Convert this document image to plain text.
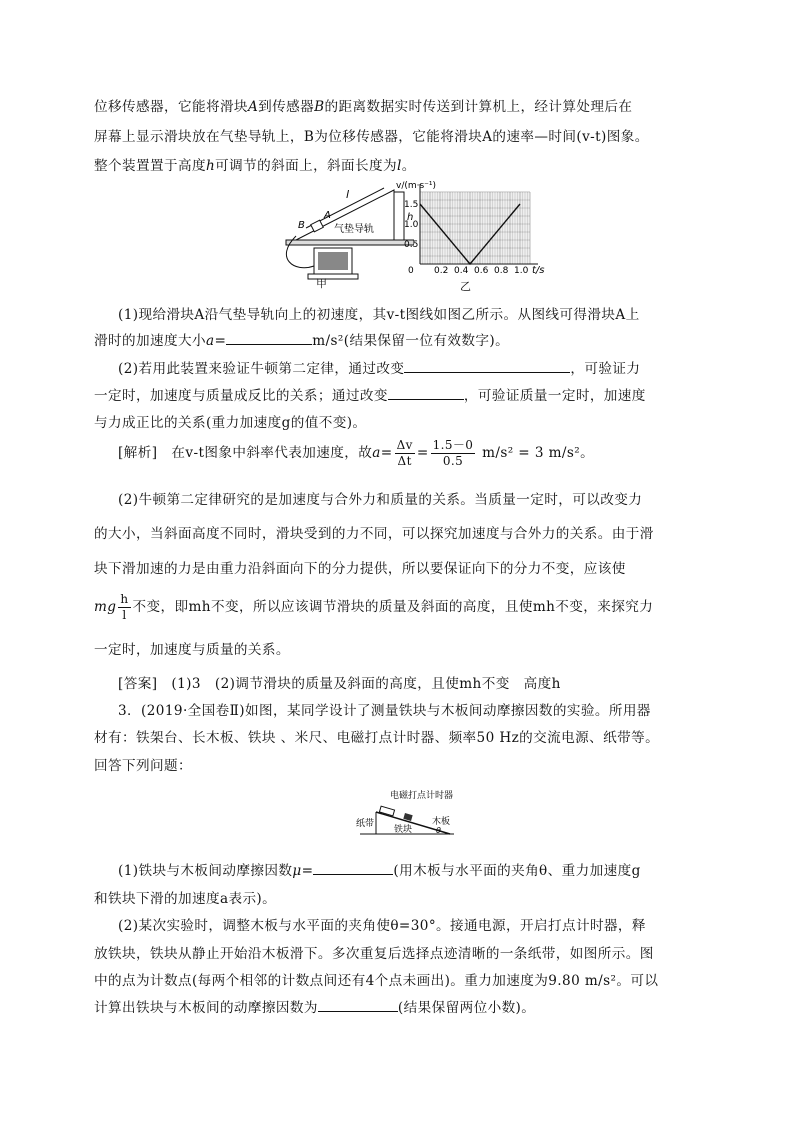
位移传感器，它能将滑块A到传感器B的距离数据实时传送到计算机上，经计算处理后在
屏幕上显示滑块放在气垫导轨上，B为位移传感器，它能将滑块A的速率—时间(v-t)图象。
整个装置置于高度h可调节的斜面上，斜面长度为l。
l
A
B	气垫导轨
h
甲
v/(m·s⁻¹)
0 0.2 0.4 0.6 0.8 1.0
0.5
1.0
1.5
t/s
乙
(1)现给滑块A沿气垫导轨向上的初速度，其v-t图线如图乙所示。从图线可得滑块A上
滑时的加速度大小a=	m/s²(结果保留一位有效数字)。
(2)若用此装置来验证牛顿第二定律，通过改变	，可验证力
一定时，加速度与质量成反比的关系；通过改变	，可验证质量一定时，加速度
与力成正比的关系(重力加速度g的值不变)。
[解析]　 在v-t图象中斜率代表加速度，故$a= \frac{\Delta v}{\Delta t} = \frac{1.5-0}{0.5} m/s^2 = 3$ m/s²。
(2)牛顿第二定律研究的是加速度与合外力和质量的关系。当质量一定时，可以改变力
的大小，当斜面高度不同时，滑块受到的力不同，可以探究加速度与合外力的关系。由于滑
块下滑加速的力是由重力沿斜面向下的分力提供，所以要保证向下的分力不变，应该使
mg $\frac{h}{l}$ 不变，即mh不变，所以应该调节滑块的质量及斜面的高度，且使mh不变，来探究力
一定时，加速度与质量的关系。
[答案]　 (1)3　(2)调节滑块的质量及斜面的高度，且使mh不变　高度h
3．(2019·全国卷Ⅱ)如图，某同学设计了测量铁块与木板间动摩擦因数的实验。所用器
材有：铁架台、长木板、铁块 、米尺、电磁打点计时器、频率50 Hz的交流电源、纸带等。
回答下列问题：
电磁打点计时器
纸带	木板
铁块	θ
(1)铁块与木板间动摩擦因数μ=	(用木板与水平面的夹角θ、重力加速度g
和铁块下滑的加速度a表示)。
(2)某次实验时，调整木板与水平面的夹角使θ=30°。接通电源，开启打点计时器，释
放铁块，铁块从静止开始沿木板滑下。多次重复后选择点迹清晰的一条纸带，如图所示。图
中的点为计数点(每两个相邻的计数点间还有4个点未画出)。重力加速度为9.80 m/s²。可以
计算出铁块与木板间的动摩擦因数为	(结果保留两位小数)。
